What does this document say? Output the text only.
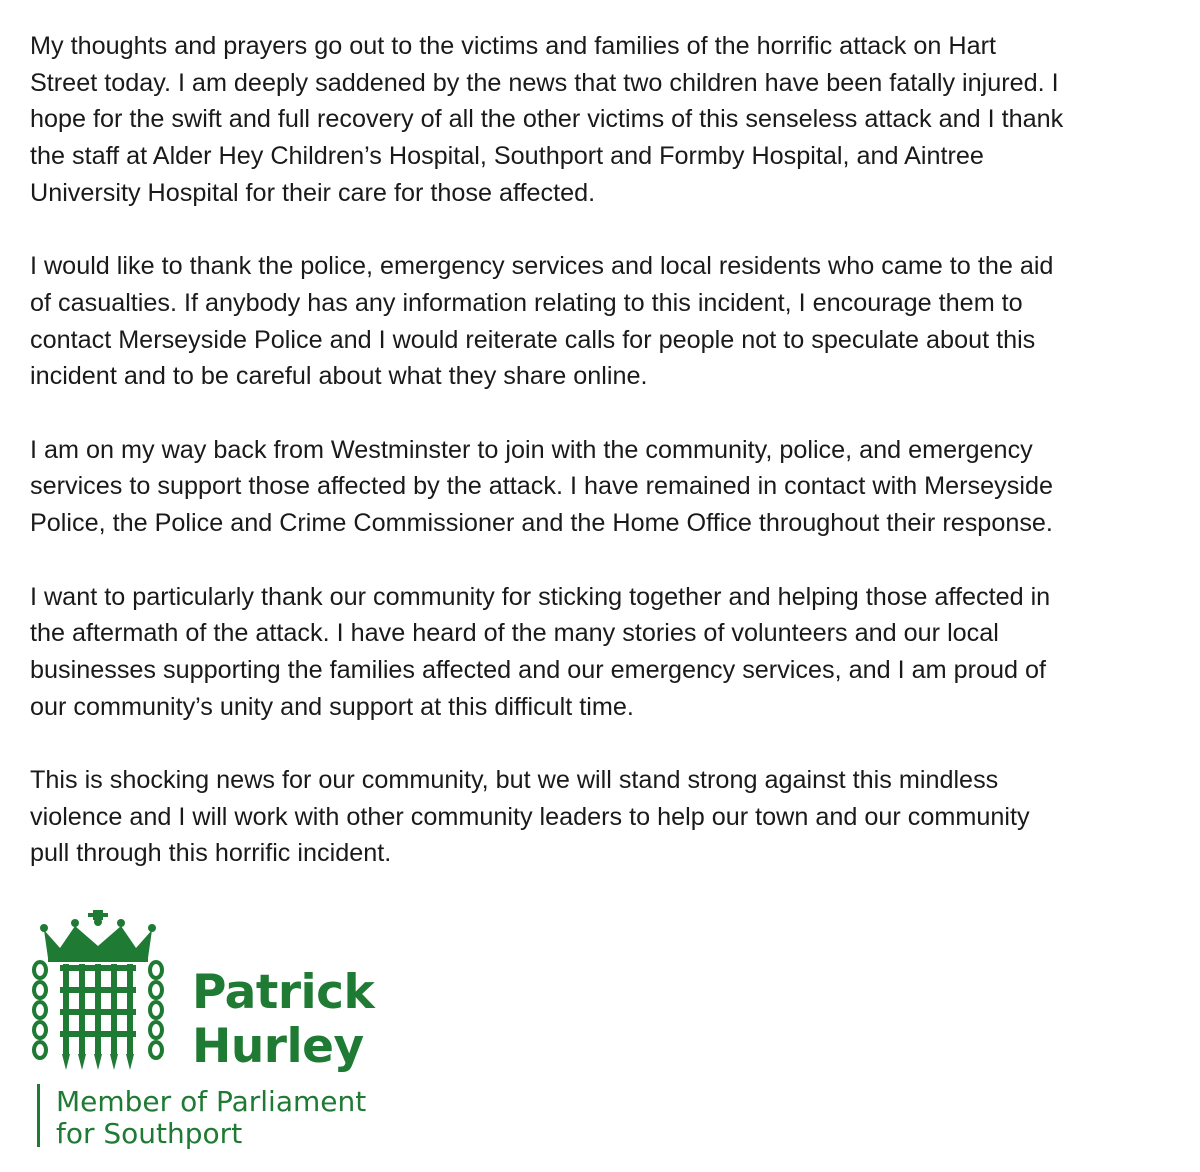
My thoughts and prayers go out to the victims and families of the horrific attack on Hart
Street today. I am deeply saddened by the news that two children have been fatally injured. I
hope for the swift and full recovery of all the other victims of this senseless attack and I thank
the staff at Alder Hey Children’s Hospital, Southport and Formby Hospital, and Aintree
University Hospital for their care for those affected.

I would like to thank the police, emergency services and local residents who came to the aid
of casualties. If anybody has any information relating to this incident, I encourage them to
contact Merseyside Police and I would reiterate calls for people not to speculate about this
incident and to be careful about what they share online.

I am on my way back from Westminster to join with the community, police, and emergency
services to support those affected by the attack. I have remained in contact with Merseyside
Police, the Police and Crime Commissioner and the Home Office throughout their response.

I want to particularly thank our community for sticking together and helping those affected in
the aftermath of the attack. I have heard of the many stories of volunteers and our local
businesses supporting the families affected and our emergency services, and I am proud of
our community’s unity and support at this difficult time.

This is shocking news for our community, but we will stand strong against this mindless
violence and I will work with other community leaders to help our town and our community
pull through this horrific incident.

Patrick
Hurley
Member of Parliament
for Southport
